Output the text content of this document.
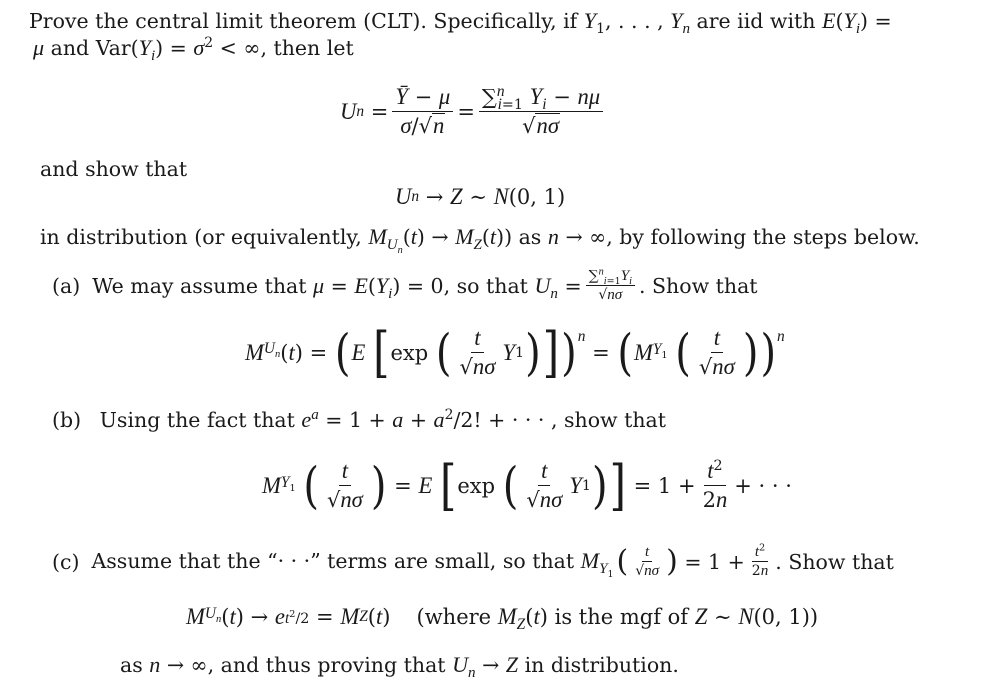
Prove the central limit theorem (CLT). Specifically, if $Y_1$, . . . , $Y_n$ are iid with $E(Y_i)$ =
μ and $Var(Y_i) = \sigma^2$ < ∞, then let
U $n = \frac{Ȳ - \mu}{\sigma/√n} = \frac{\sum^n_{i=1} Y_i - n\mu}{√n\sigma}$
and show that
U n → Z ∼ N (0, 1)
in distribution (or equivalently, $M_{U_n}(t) \to M_Z(t)$) as n → ∞, by following the steps below.
(a) We may assume that $\mu = E(Y_i) = 0$, so that $U_n = \frac{\sum^n_{i=1}Y_i}{√n\sigma}$ . Show that
M $U_n$ ( t ) = ( E
[ exp ( $\frac{t}{√n\sigma}$ Y 1 ) ] ) $^n$
= ( M $Y_1$
( $\frac{t}{√n\sigma}$ ) ) $^n$
(b) Using the fact that $e^a = 1 + a + a^2/2$! + · · · , show that
M $Y_1$
( $\frac{t}{√n\sigma}$ ) = E
[ exp ( $\frac{t}{√n\sigma}$ Y 1 ) ] = $1 + \frac{t^2}{2n}$ + · · ·
(c) Assume that the “· · ·” terms are small, so that $M_{Y_1}$ ( $\frac{t}{√n\sigma}$ ) = $1 + \frac{t^2}{2n}$ . Show that
M $U_n$ ( t ) → e $t^2/2 = M$ Z ( t ) (where $M_Z(t)$ is the mgf of Z ∼ N(0, 1))
as n → ∞, and thus proving that $U_n \to Z$ in distribution.
